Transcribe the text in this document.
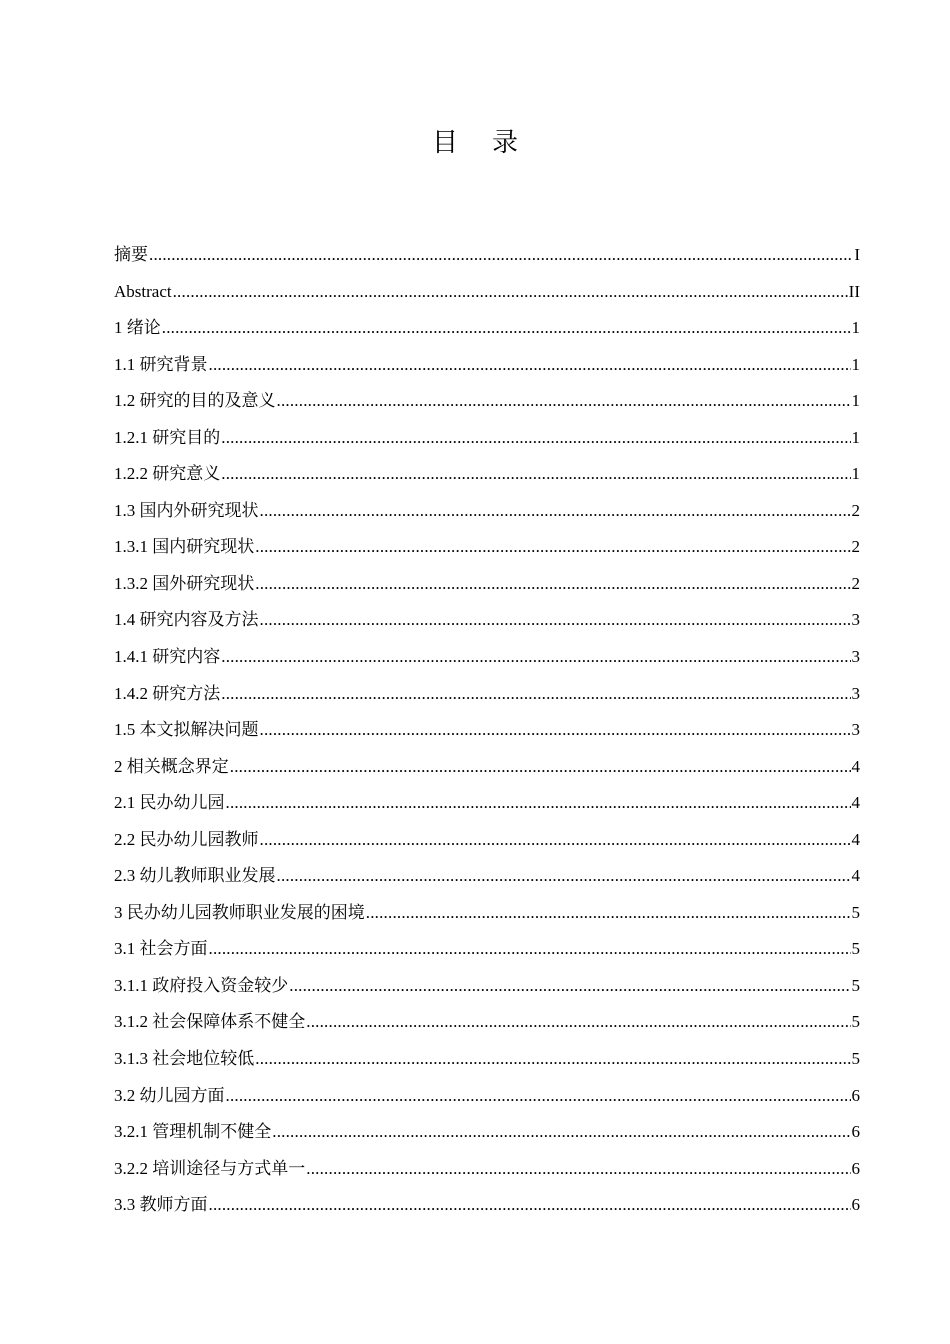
目 录
摘要 .....	I
Abstract .....	II
1 绪论 .....	1
1.1 研究背景 .....	1
1.2 研究的目的及意义 .....	1
1.2.1 研究目的 .....	1
1.2.2 研究意义 .....	1
1.3 国内外研究现状 .....	2
1.3.1 国内研究现状 .....	2
1.3.2 国外研究现状 .....	2
1.4 研究内容及方法 .....	3
1.4.1 研究内容 .....	3
1.4.2 研究方法 .....	3
1.5 本文拟解决问题 .....	3
2 相关概念界定 .....	4
2.1 民办幼儿园 .....	4
2.2 民办幼儿园教师 .....	4
2.3 幼儿教师职业发展 .....	4
3 民办幼儿园教师职业发展的困境 .....	5
3.1 社会方面 .....	5
3.1.1 政府投入资金较少 .....	5
3.1.2 社会保障体系不健全 .....	5
3.1.3 社会地位较低 .....	5
3.2 幼儿园方面 .....	6
3.2.1 管理机制不健全 .....	6
3.2.2 培训途径与方式单一 .....	6
3.3 教师方面 .....	6
